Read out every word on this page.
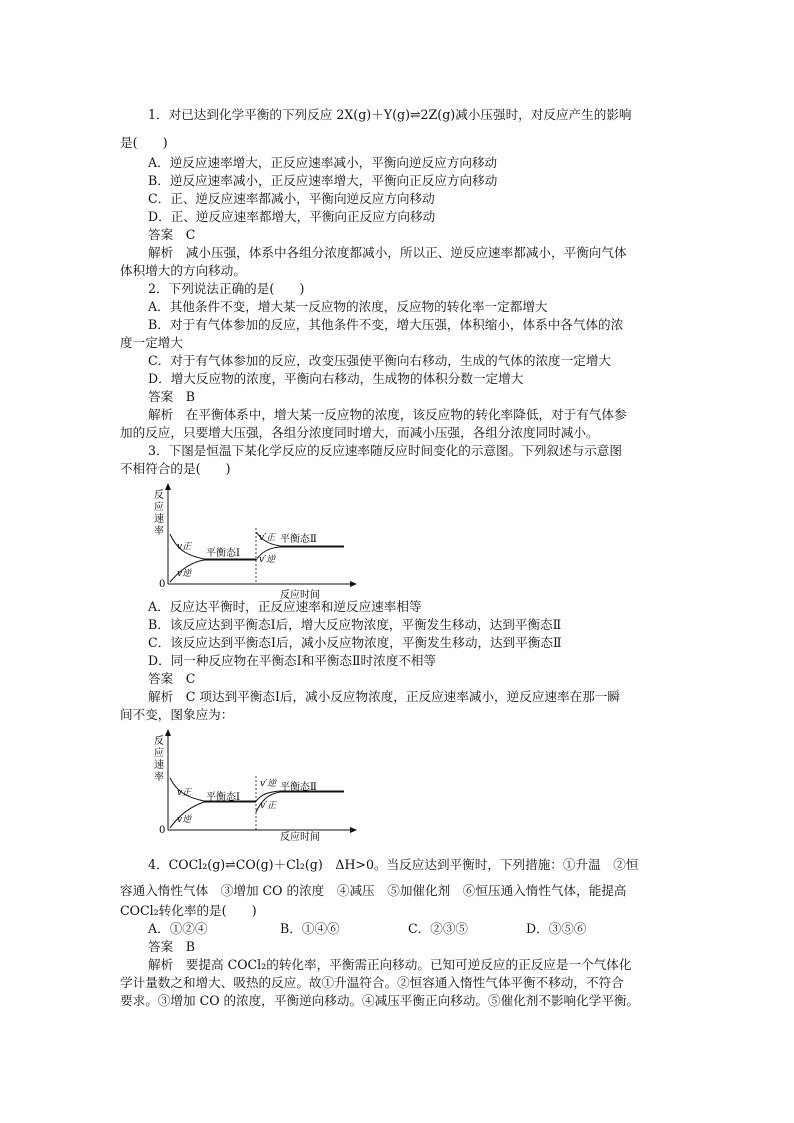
1．对已达到化学平衡的下列反应 2X(g)＋Y(g)⇌2Z(g)减小压强时，对反应产生的影响
是(　　)
A．逆反应速率增大，正反应速率减小，平衡向逆反应方向移动
B．逆反应速率减小，正反应速率增大，平衡向正反应方向移动
C．正、逆反应速率都减小，平衡向逆反应方向移动
D．正、逆反应速率都增大，平衡向正反应方向移动
答案　C
解析　减小压强，体系中各组分浓度都减小，所以正、逆反应速率都减小，平衡向气体
体积增大的方向移动。
2．下列说法正确的是(　　)
A．其他条件不变，增大某一反应物的浓度，反应物的转化率一定都增大
B．对于有气体参加的反应，其他条件不变，增大压强，体积缩小，体系中各气体的浓
度一定增大
C．对于有气体参加的反应，改变压强使平衡向右移动，生成的气体的浓度一定增大
D．增大反应物的浓度，平衡向右移动，生成物的体积分数一定增大
答案　B
解析　在平衡体系中，增大某一反应物的浓度，该反应物的转化率降低，对于有气体参
加的反应，只要增大压强，各组分浓度同时增大，而减小压强，各组分浓度同时减小。
3．下图是恒温下某化学反应的反应速率随反应时间变化的示意图。下列叙述与示意图
不相符合的是(　　)
反
应
速
率
0
反应时间
v正
v逆
平衡态Ⅰ
v′正
v′逆
平衡态Ⅱ
A．反应达平衡时，正反应速率和逆反应速率相等
B．该反应达到平衡态Ⅰ后，增大反应物浓度，平衡发生移动，达到平衡态Ⅱ
C．该反应达到平衡态Ⅰ后，减小反应物浓度，平衡发生移动，达到平衡态Ⅱ
D．同一种反应物在平衡态Ⅰ和平衡态Ⅱ时浓度不相等
答案　C
解析　C 项达到平衡态Ⅰ后，减小反应物浓度，正反应速率减小，逆反应速率在那一瞬
间不变，图象应为：
反
应
速
率
0
反应时间
v正
v逆
平衡态Ⅰ
v′逆
v′正
平衡态Ⅱ
4．COCl₂(g)⇌CO(g)＋Cl₂(g)　ΔH>0。当反应达到平衡时，下列措施：①升温　②恒
容通入惰性气体　③增加 CO 的浓度　④减压　⑤加催化剂　⑥恒压通入惰性气体，能提高
COCl₂转化率的是(　　)
A．①②④	B．①④⑥	C．②③⑤	D．③⑤⑥
答案　B
解析　要提高 COCl₂的转化率，平衡需正向移动。已知可逆反应的正反应是一个气体化
学计量数之和增大、吸热的反应。故①升温符合。②恒容通入惰性气体平衡不移动，不符合
要求。③增加 CO 的浓度，平衡逆向移动。④减压平衡正向移动。⑤催化剂不影响化学平衡。
